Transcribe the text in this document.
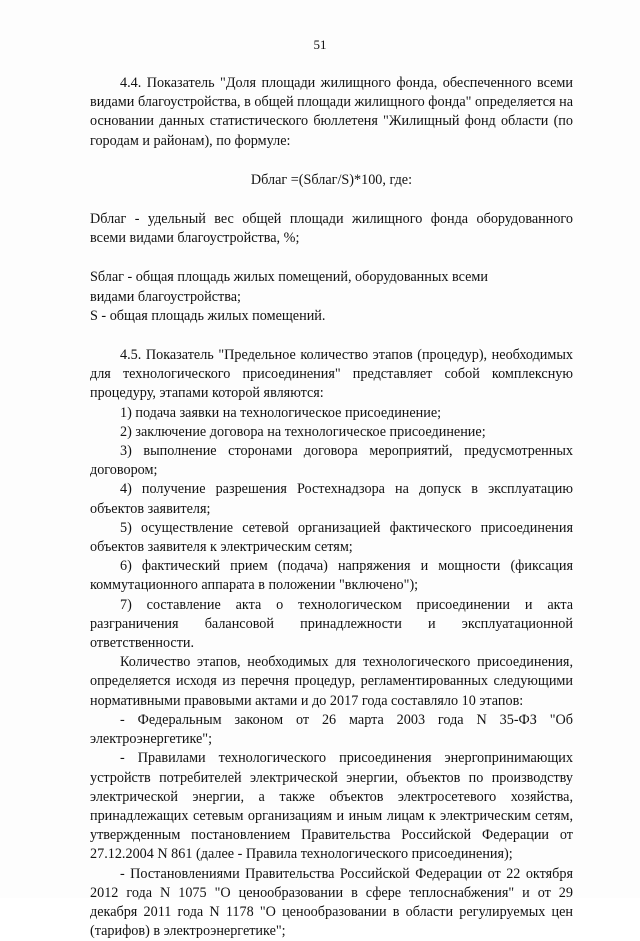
51

4.4. Показатель "Доля площади жилищного фонда, обеспеченного всеми видами благоустройства, в общей площади жилищного фонда" определяется на основании данных статистического бюллетеня "Жилищный фонд области (по городам и районам), по формуле:

Dблаг =(Sблаг/S)*100, где:

Dблаг - удельный вес общей площади жилищного фонда оборудованного всеми видами благоустройства, %;

Sблаг - общая площадь жилых помещений, оборудованных всеми видами благоустройства;

S - общая площадь жилых помещений.

4.5. Показатель "Предельное количество этапов (процедур), необходимых для технологического присоединения" представляет собой комплексную процедуру, этапами которой являются:

1) подача заявки на технологическое присоединение;

2) заключение договора на технологическое присоединение;

3) выполнение сторонами договора мероприятий, предусмотренных договором;

4) получение разрешения Ростехнадзора на допуск в эксплуатацию объектов заявителя;

5) осуществление сетевой организацией фактического присоединения объектов заявителя к электрическим сетям;

6) фактический прием (подача) напряжения и мощности (фиксация коммутационного аппарата в положении "включено");

7) составление акта о технологическом присоединении и акта разграничения балансовой принадлежности и эксплуатационной ответственности.

Количество этапов, необходимых для технологического присоединения, определяется исходя из перечня процедур, регламентированных следующими нормативными правовыми актами и до 2017 года составляло 10 этапов:

- Федеральным законом от 26 марта 2003 года N 35-ФЗ "Об электроэнергетике";

- Правилами технологического присоединения энергопринимающих устройств потребителей электрической энергии, объектов по производству электрической энергии, а также объектов электросетевого хозяйства, принадлежащих сетевым организациям и иным лицам к электрическим сетям, утвержденным постановлением Правительства Российской Федерации от 27.12.2004 N 861 (далее - Правила технологического присоединения);

- Постановлениями Правительства Российской Федерации от 22 октября 2012 года N 1075 "О ценообразовании в сфере теплоснабжения" и от 29 декабря 2011 года N 1178 "О ценообразовании в области регулируемых цен (тарифов) в электроэнергетике";
